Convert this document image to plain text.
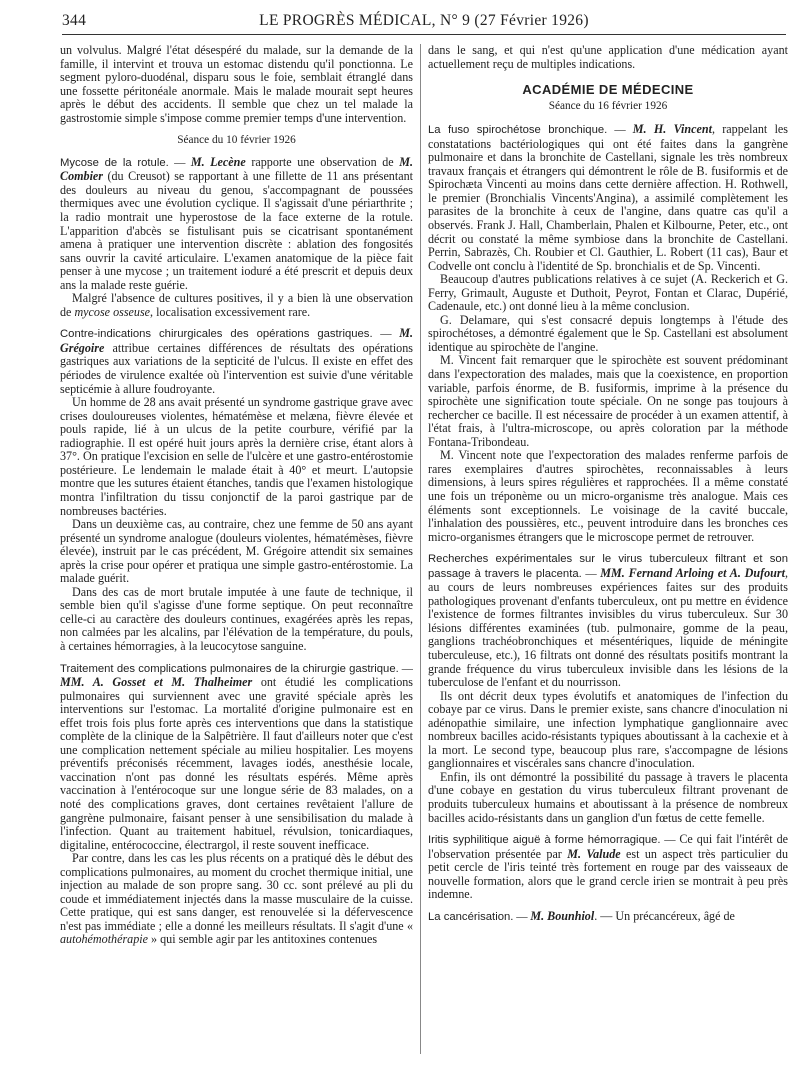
344	LE PROGRÈS MÉDICAL, N° 9 (27 Février 1926)

un volvulus. Malgré l'état désespéré du malade, sur la demande de la famille, il intervint et trouva un estomac distendu qu'il ponctionna. Le segment pyloro-duodénal, disparu sous le foie, semblait étranglé dans une fossette péritonéale anormale. Mais le malade mourait sept heures après le début des accidents. Il semble que chez un tel malade la gastrostomie simple s'impose comme premier temps d'une intervention.

Séance du 10 février 1926

Mycose de la rotule. — M. Lecène rapporte une observation de M. Combier (du Creusot) se rapportant à une fillette de 11 ans présentant des douleurs au niveau du genou, s'accompagnant de poussées thermiques avec une évolution cyclique. Il s'agissait d'une périarthrite ; la radio montrait une hyperostose de la face externe de la rotule. L'apparition d'abcès se fistulisant puis se cicatrisant spontanément amena à pratiquer une intervention discrète : ablation des fongosités sans ouvrir la cavité articulaire. L'examen anatomique de la pièce fait penser à une mycose ; un traitement ioduré a été prescrit et depuis deux ans la malade reste guérie.

Malgré l'absence de cultures positives, il y a bien là une observation de mycose osseuse, localisation excessivement rare.

Contre-indications chirurgicales des opérations gastriques. — M. Grégoire attribue certaines différences de résultats des opérations gastriques aux variations de la septicité de l'ulcus. Il existe en effet des périodes de virulence exaltée où l'intervention est suivie d'une véritable septicémie à allure foudroyante.

Un homme de 28 ans avait présenté un syndrome gastrique grave avec crises douloureuses violentes, hématémèse et melæna, fièvre élevée et pouls rapide, lié à un ulcus de la petite courbure, vérifié par la radiographie. Il est opéré huit jours après la dernière crise, étant alors à 37°. On pratique l'excision en selle de l'ulcère et une gastro-entérostomie postérieure. Le lendemain le malade était à 40° et meurt. L'autopsie montre que les sutures étaient étanches, tandis que l'examen histologique montra l'infiltration du tissu conjonctif de la paroi gastrique par de nombreuses bactéries.

Dans un deuxième cas, au contraire, chez une femme de 50 ans ayant présenté un syndrome analogue (douleurs violentes, hématémèses, fièvre élevée), instruit par le cas précédent, M. Grégoire attendit six semaines après la crise pour opérer et pratiqua une simple gastro-entérostomie. La malade guérit.

Dans des cas de mort brutale imputée à une faute de technique, il semble bien qu'il s'agisse d'une forme septique. On peut reconnaître celle-ci au caractère des douleurs continues, exagérées après les repas, non calmées par les alcalins, par l'élévation de la température, du pouls, à certaines hémorragies, à la leucocytose sanguine.

Traitement des complications pulmonaires de la chirurgie gastrique. — MM. A. Gosset et M. Thalheimer ont étudié les complications pulmonaires qui surviennent avec une gravité spéciale après les interventions sur l'estomac. La mortalité d'origine pulmonaire est en effet trois fois plus forte après ces interventions que dans la statistique complète de la clinique de la Salpêtrière. Il faut d'ailleurs noter que c'est une complication nettement spéciale au milieu hospitalier. Les moyens préventifs préconisés récemment, lavages iodés, anesthésie locale, vaccination n'ont pas donné les résultats espérés. Même après vaccination à l'entérocoque sur une longue série de 83 malades, on a noté des complications graves, dont certaines revêtaient l'allure de gangrène pulmonaire, faisant penser à une sensibilisation du malade à l'infection. Quant au traitement habituel, révulsion, tonicardiaques, digitaline, entérococcine, électrargol, il reste souvent inefficace.

Par contre, dans les cas les plus récents on a pratiqué dès le début des complications pulmonaires, au moment du crochet thermique initial, une injection au malade de son propre sang. 30 cc. sont prélevé au pli du coude et immédiatement injectés dans la masse musculaire de la cuisse. Cette pratique, qui est sans danger, est renouvelée si la défervescence n'est pas immédiate ; elle a donné les meilleurs résultats. Il s'agit d'une « autohémothérapie » qui semble agir par les antitoxines contenues

dans le sang, et qui n'est qu'une application d'une médication ayant actuellement reçu de multiples indications.

ACADÉMIE DE MÉDECINE
Séance du 16 février 1926

La fuso spirochétose bronchique. — M. H. Vincent, rappelant les constatations bactériologiques qui ont été faites dans la gangrène pulmonaire et dans la bronchite de Castellani, signale les très nombreux travaux français et étrangers qui démontrent le rôle de B. fusiformis et de Spirochæta Vincenti au moins dans cette dernière affection. H. Rothwell, le premier (Bronchialis Vincents'Angina), a assimilé complètement les parasites de la bronchite à ceux de l'angine, dans quatre cas qu'il a observés. Frank J. Hall, Chamberlain, Phalen et Kilbourne, Peter, etc., ont décrit ou constaté la même symbiose dans la bronchite de Castellani. Perrin, Sabrazès, Ch. Roubier et Cl. Gauthier, L. Robert (11 cas), Baur et Codvelle ont conclu à l'identité de Sp. bronchialis et de Sp. Vincenti.

Beaucoup d'autres publications relatives à ce sujet (A. Reckerich et G. Ferry, Grimault, Auguste et Duthoit, Peyrot, Fontan et Clarac, Dupérié, Cadenaule, etc.) ont donné lieu à la même conclusion.

G. Delamare, qui s'est consacré depuis longtemps à l'étude des spirochétoses, a démontré également que le Sp. Castellani est absolument identique au spirochète de l'angine.

M. Vincent fait remarquer que le spirochète est souvent prédominant dans l'expectoration des malades, mais que la coexistence, en proportion variable, parfois énorme, de B. fusiformis, imprime à la présence du spirochète une signification toute spéciale. On ne songe pas toujours à rechercher ce bacille. Il est nécessaire de procéder à un examen attentif, à l'état frais, à l'ultra-microscope, ou après coloration par la méthode Fontana-Tribondeau.

M. Vincent note que l'expectoration des malades renferme parfois de rares exemplaires d'autres spirochètes, reconnaissables à leurs dimensions, à leurs spires régulières et rapprochées. Il a même constaté une fois un tréponème ou un micro-organisme très analogue. Mais ces éléments sont exceptionnels. Le voisinage de la cavité buccale, l'inhalation des poussières, etc., peuvent introduire dans les bronches ces micro-organismes étrangers que le microscope permet de retrouver.

Recherches expérimentales sur le virus tuberculeux filtrant et son passage à travers le placenta. — MM. Fernand Arloing et A. Dufourt, au cours de leurs nombreuses expériences faites sur des produits pathologiques provenant d'enfants tuberculeux, ont pu mettre en évidence l'existence de formes filtrantes invisibles du virus tuberculeux. Sur 30 lésions différentes examinées (tub. pulmonaire, gomme de la peau, ganglions trachéobronchiques et mésentériques, liquide de méningite tuberculeuse, etc.), 16 filtrats ont donné des résultats positifs montrant la grande fréquence du virus tuberculeux invisible dans les lésions de la tuberculose de l'enfant et du nourrisson.

Ils ont décrit deux types évolutifs et anatomiques de l'infection du cobaye par ce virus. Dans le premier existe, sans chancre d'inoculation ni adénopathie similaire, une infection lymphatique ganglionnaire avec nombreux bacilles acido-résistants typiques aboutissant à la cachexie et à la mort. Le second type, beaucoup plus rare, s'accompagne de lésions ganglionnaires et viscérales sans chancre d'inoculation.

Enfin, ils ont démontré la possibilité du passage à travers le placenta d'une cobaye en gestation du virus tuberculeux filtrant provenant de produits tuberculeux humains et aboutissant à la présence de nombreux bacilles acido-résistants dans un ganglion d'un fœtus de cette femelle.

Iritis syphilitique aiguë à forme hémorragique. — Ce qui fait l'intérêt de l'observation présentée par M. Valude est un aspect très particulier du petit cercle de l'iris teinté très fortement en rouge par des vaisseaux de nouvelle formation, alors que le grand cercle irien se montrait à peu près indemne.

La cancérisation. — M. Bounhiol. — Un précancéreux, âgé de
